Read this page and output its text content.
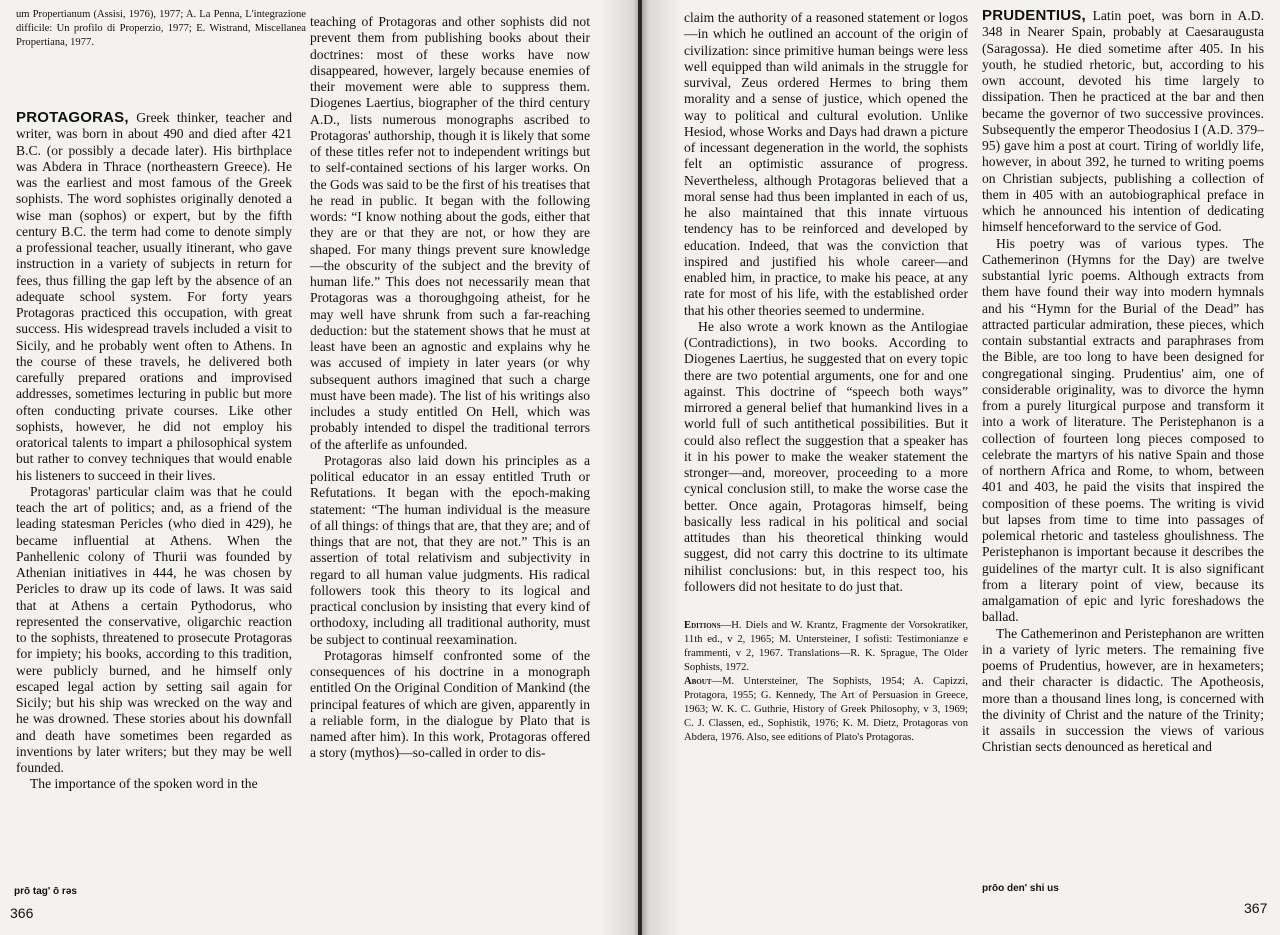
um Propertianum (Assisi, 1976), 1977; A. La Penna, L'integrazione difficile: Un profilo di Properzio, 1977; E. Wistrand, Miscellanea Propertiana, 1977.

PROTAGORAS, Greek thinker, teacher and writer, was born in about 490 and died after 421 B.C. (or possibly a decade later). His birthplace was Abdera in Thrace (northeastern Greece). He was the earliest and most famous of the Greek sophists. The word sophistes originally denoted a wise man (sophos) or expert, but by the fifth century B.C. the term had come to denote simply a professional teacher, usually itinerant, who gave instruction in a variety of subjects in return for fees, thus filling the gap left by the absence of an adequate school system. For forty years Protagoras practiced this occupation, with great success. His widespread travels included a visit to Sicily, and he probably went often to Athens. In the course of these travels, he delivered both carefully prepared orations and improvised addresses, sometimes lecturing in public but more often conducting private courses. Like other sophists, however, he did not employ his oratorical talents to impart a philosophical system but rather to convey techniques that would enable his listeners to succeed in their lives.

Protagoras' particular claim was that he could teach the art of politics; and, as a friend of the leading statesman Pericles (who died in 429), he became influential at Athens. When the Panhellenic colony of Thurii was founded by Athenian initiatives in 444, he was chosen by Pericles to draw up its code of laws. It was said that at Athens a certain Pythodorus, who represented the conservative, oligarchic reaction to the sophists, threatened to prosecute Protagoras for impiety; his books, according to this tradition, were publicly burned, and he himself only escaped legal action by setting sail again for Sicily; but his ship was wrecked on the way and he was drowned. These stories about his downfall and death have sometimes been regarded as inventions by later writers; but they may be well founded.

The importance of the spoken word in the

teaching of Protagoras and other sophists did not prevent them from publishing books about their doctrines: most of these works have now disappeared, however, largely because enemies of their movement were able to suppress them. Diogenes Laertius, biographer of the third century A.D., lists numerous monographs ascribed to Protagoras' authorship, though it is likely that some of these titles refer not to independent writings but to self-contained sections of his larger works. On the Gods was said to be the first of his treatises that he read in public. It began with the following words: “I know nothing about the gods, either that they are or that they are not, or how they are shaped. For many things prevent sure knowledge—the obscurity of the subject and the brevity of human life.” This does not necessarily mean that Protagoras was a thoroughgoing atheist, for he may well have shrunk from such a far-reaching deduction: but the statement shows that he must at least have been an agnostic and explains why he was accused of impiety in later years (or why subsequent authors imagined that such a charge must have been made). The list of his writings also includes a study entitled On Hell, which was probably intended to dispel the traditional terrors of the afterlife as unfounded.

Protagoras also laid down his principles as a political educator in an essay entitled Truth or Refutations. It began with the epoch-making statement: “The human individual is the measure of all things: of things that are, that they are; and of things that are not, that they are not.” This is an assertion of total relativism and subjectivity in regard to all human value judgments. His radical followers took this theory to its logical and practical conclusion by insisting that every kind of orthodoxy, including all traditional authority, must be subject to continual reexamination.

Protagoras himself confronted some of the consequences of his doctrine in a monograph entitled On the Original Condition of Mankind (the principal features of which are given, apparently in a reliable form, in the dialogue by Plato that is named after him). In this work, Protagoras offered a story (mythos)—so-called in order to dis-

prō tag' ō rəs
366

claim the authority of a reasoned statement or logos—in which he outlined an account of the origin of civilization: since primitive human beings were less well equipped than wild animals in the struggle for survival, Zeus ordered Hermes to bring them morality and a sense of justice, which opened the way to political and cultural evolution. Unlike Hesiod, whose Works and Days had drawn a picture of incessant degeneration in the world, the sophists felt an optimistic assurance of progress. Nevertheless, although Protagoras believed that a moral sense had thus been implanted in each of us, he also maintained that this innate virtuous tendency has to be reinforced and developed by education. Indeed, that was the conviction that inspired and justified his whole career—and enabled him, in practice, to make his peace, at any rate for most of his life, with the established order that his other theories seemed to undermine.

He also wrote a work known as the Antilogiae (Contradictions), in two books. According to Diogenes Laertius, he suggested that on every topic there are two potential arguments, one for and one against. This doctrine of “speech both ways” mirrored a general belief that humankind lives in a world full of such antithetical possibilities. But it could also reflect the suggestion that a speaker has it in his power to make the weaker statement the stronger—and, moreover, proceeding to a more cynical conclusion still, to make the worse case the better. Once again, Protagoras himself, being basically less radical in his political and social attitudes than his theoretical thinking would suggest, did not carry this doctrine to its ultimate nihilist conclusions: but, in this respect too, his followers did not hesitate to do just that.

Editions—H. Diels and W. Krantz, Fragmente der Vorsokratiker, 11th ed., v 2, 1965; M. Untersteiner, I sofisti: Testimonianze e frammenti, v 2, 1967. Translations—R. K. Sprague, The Older Sophists, 1972.

About—M. Untersteiner, The Sophists, 1954; A. Capizzi, Protagora, 1955; G. Kennedy, The Art of Persuasion in Greece, 1963; W. K. C. Guthrie, History of Greek Philosophy, v 3, 1969; C. J. Classen, ed., Sophistik, 1976; K. M. Dietz, Protagoras von Abdera, 1976. Also, see editions of Plato's Protagoras.

PRUDENTIUS, Latin poet, was born in A.D. 348 in Nearer Spain, probably at Caesaraugusta (Saragossa). He died sometime after 405. In his youth, he studied rhetoric, but, according to his own account, devoted his time largely to dissipation. Then he practiced at the bar and then became the governor of two successive provinces. Subsequently the emperor Theodosius I (A.D. 379–95) gave him a post at court. Tiring of worldly life, however, in about 392, he turned to writing poems on Christian subjects, publishing a collection of them in 405 with an autobiographical preface in which he announced his intention of dedicating himself henceforward to the service of God.

His poetry was of various types. The Cathemerinon (Hymns for the Day) are twelve substantial lyric poems. Although extracts from them have found their way into modern hymnals and his “Hymn for the Burial of the Dead” has attracted particular admiration, these pieces, which contain substantial extracts and paraphrases from the Bible, are too long to have been designed for congregational singing. Prudentius' aim, one of considerable originality, was to divorce the hymn from a purely liturgical purpose and transform it into a work of literature. The Peristephanon is a collection of fourteen long pieces composed to celebrate the martyrs of his native Spain and those of northern Africa and Rome, to whom, between 401 and 403, he paid the visits that inspired the composition of these poems. The writing is vivid but lapses from time to time into passages of polemical rhetoric and tasteless ghoulishness. The Peristephanon is important because it describes the guidelines of the martyr cult. It is also significant from a literary point of view, because its amalgamation of epic and lyric foreshadows the ballad.

The Cathemerinon and Peristephanon are written in a variety of lyric meters. The remaining five poems of Prudentius, however, are in hexameters; and their character is didactic. The Apotheosis, more than a thousand lines long, is concerned with the divinity of Christ and the nature of the Trinity; it assails in succession the views of various Christian sects denounced as heretical and

prōo den' shi us
367
